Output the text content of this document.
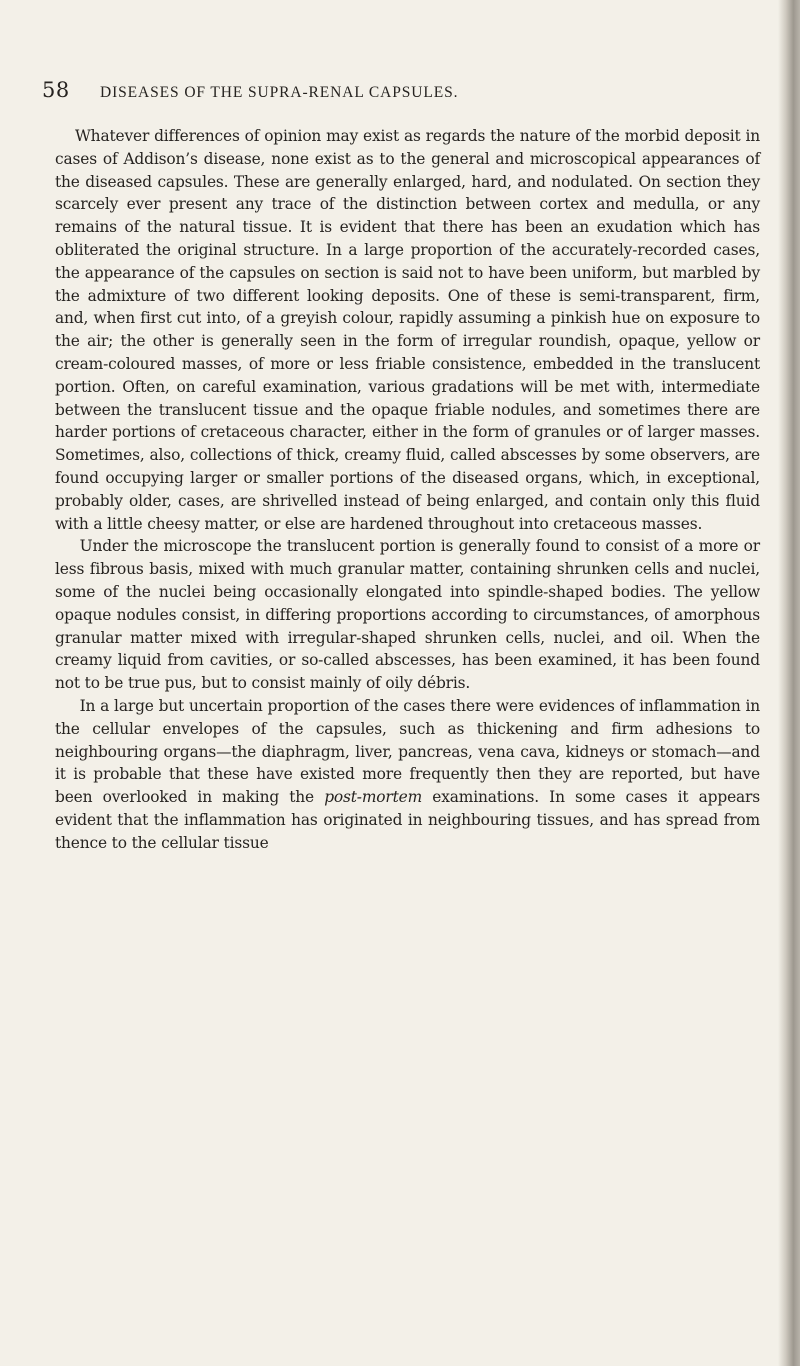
58 DISEASES OF THE SUPRA-RENAL CAPSULES.

Whatever differences of opinion may exist as regards the nature of the morbid deposit in cases of Addison’s disease, none exist as to the general and microscopical appearances of the diseased capsules. These are generally enlarged, hard, and nodulated. On section they scarcely ever present any trace of the distinction between cortex and medulla, or any remains of the natural tissue. It is evident that there has been an exudation which has obliterated the original structure. In a large proportion of the accurately-recorded cases, the appearance of the capsules on section is said not to have been uniform, but marbled by the admixture of two different looking deposits. One of these is semi-transparent, firm, and, when first cut into, of a greyish colour, rapidly assuming a pinkish hue on exposure to the air; the other is generally seen in the form of irregular roundish, opaque, yellow or cream-coloured masses, of more or less friable consistence, embedded in the translucent portion. Often, on careful examination, various gradations will be met with, intermediate between the translucent tissue and the opaque friable nodules, and sometimes there are harder portions of cretaceous character, either in the form of granules or of larger masses. Sometimes, also, collections of thick, creamy fluid, called abscesses by some observers, are found occupying larger or smaller portions of the diseased organs, which, in exceptional, probably older, cases, are shrivelled instead of being enlarged, and contain only this fluid with a little cheesy matter, or else are hardened throughout into cretaceous masses.

Under the microscope the translucent portion is generally found to consist of a more or less fibrous basis, mixed with much granular matter, containing shrunken cells and nuclei, some of the nuclei being occasionally elongated into spindle-shaped bodies. The yellow opaque nodules consist, in differing proportions according to circumstances, of amorphous granular matter mixed with irregular-shaped shrunken cells, nuclei, and oil. When the creamy liquid from cavities, or so-called abscesses, has been examined, it has been found not to be true pus, but to consist mainly of oily débris.

In a large but uncertain proportion of the cases there were evidences of inflammation in the cellular envelopes of the capsules, such as thickening and firm adhesions to neighbouring organs—the diaphragm, liver, pancreas, vena cava, kidneys or stomach—and it is probable that these have existed more frequently then they are reported, but have been overlooked in making the post-mortem examinations. In some cases it appears evident that the inflammation has originated in neighbouring tissues, and has spread from thence to the cellular tissue
